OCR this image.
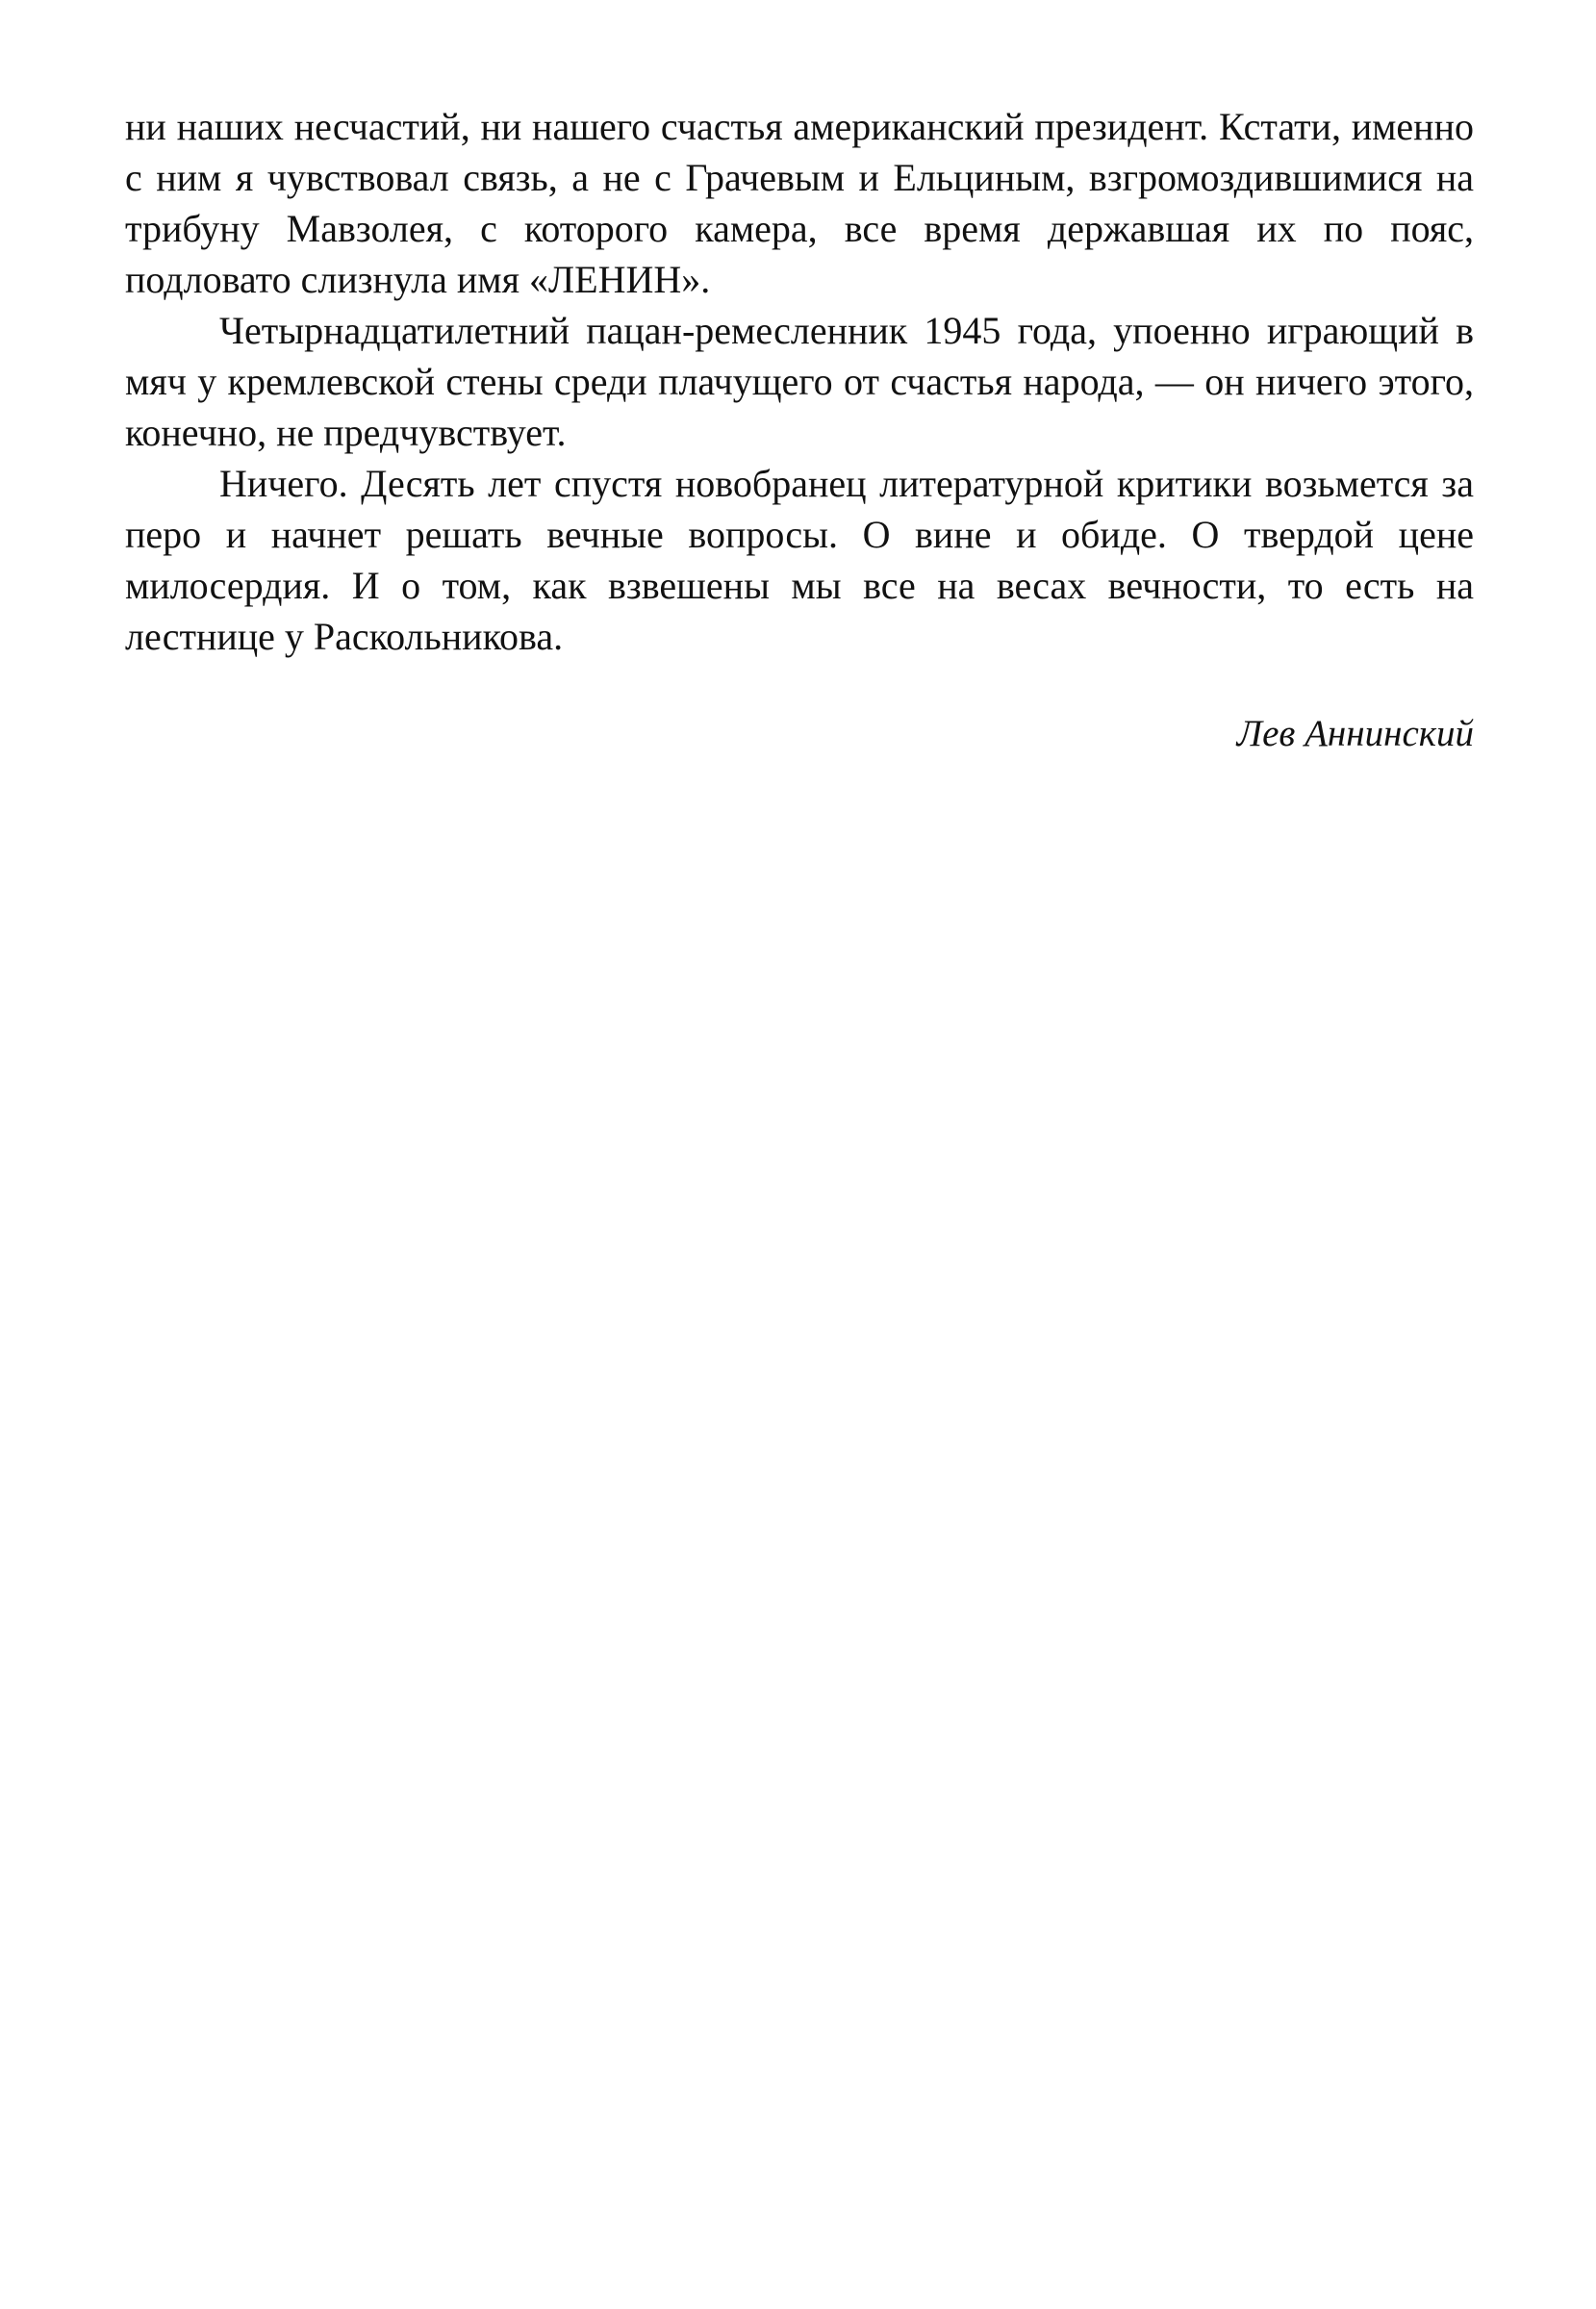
ни наших несчастий, ни нашего счастья американский президент. Кстати, именно с ним я чувствовал связь, а не с Грачевым и Ельциным, взгромоздившимися на трибуну Мавзолея, с которого камера, все время державшая их по пояс, подловато слизнула имя «ЛЕНИН».

Четырнадцатилетний пацан-ремесленник 1945 года, упоенно играющий в мяч у кремлевской стены среди плачущего от счастья народа, — он ничего этого, конечно, не предчувствует.

Ничего. Десять лет спустя новобранец литературной критики возьмется за перо и начнет решать вечные вопросы. О вине и обиде. О твердой цене милосердия. И о том, как взвешены мы все на весах вечности, то есть на лестнице у Раскольникова.

Лев Аннинский
